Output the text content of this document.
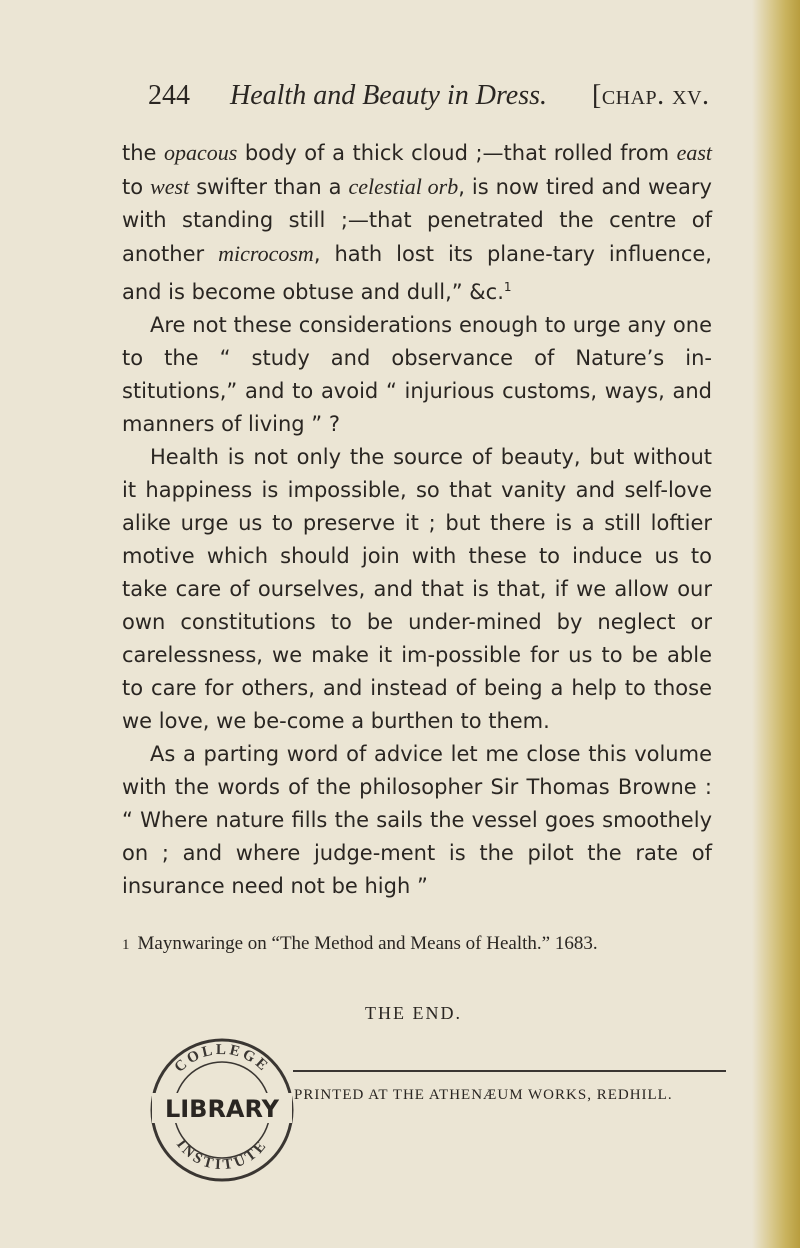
244 Health and Beauty in Dress. [chap. xv.

the opacous body of a thick cloud ;—that rolled from east to west swifter than a celestial orb, is now tired and weary with standing still ;—that penetrated the centre of another microcosm, hath lost its plane-tary influence, and is become obtuse and dull,” &c.$^1$

Are not these considerations enough to urge any one to the “ study and observance of Nature’s in-stitutions,” and to avoid “ injurious customs, ways, and manners of living ” ?

Health is not only the source of beauty, but without it happiness is impossible, so that vanity and self-love alike urge us to preserve it ; but there is a still loftier motive which should join with these to induce us to take care of ourselves, and that is that, if we allow our own constitutions to be under-mined by neglect or carelessness, we make it im-possible for us to be able to care for others, and instead of being a help to those we love, we be-come a burthen to them.

As a parting word of advice let me close this volume with the words of the philosopher Sir Thomas Browne : “ Where nature fills the sails the vessel goes smoothely on ; and where judge-ment is the pilot the rate of insurance need not be high ”

1 Maynwaringe on “The Method and Means of Health.” 1683.
THE END.
COLLEGE
LIBRARY
INSTITUTE
PRINTED AT THE ATHENÆUM WORKS, REDHILL.
